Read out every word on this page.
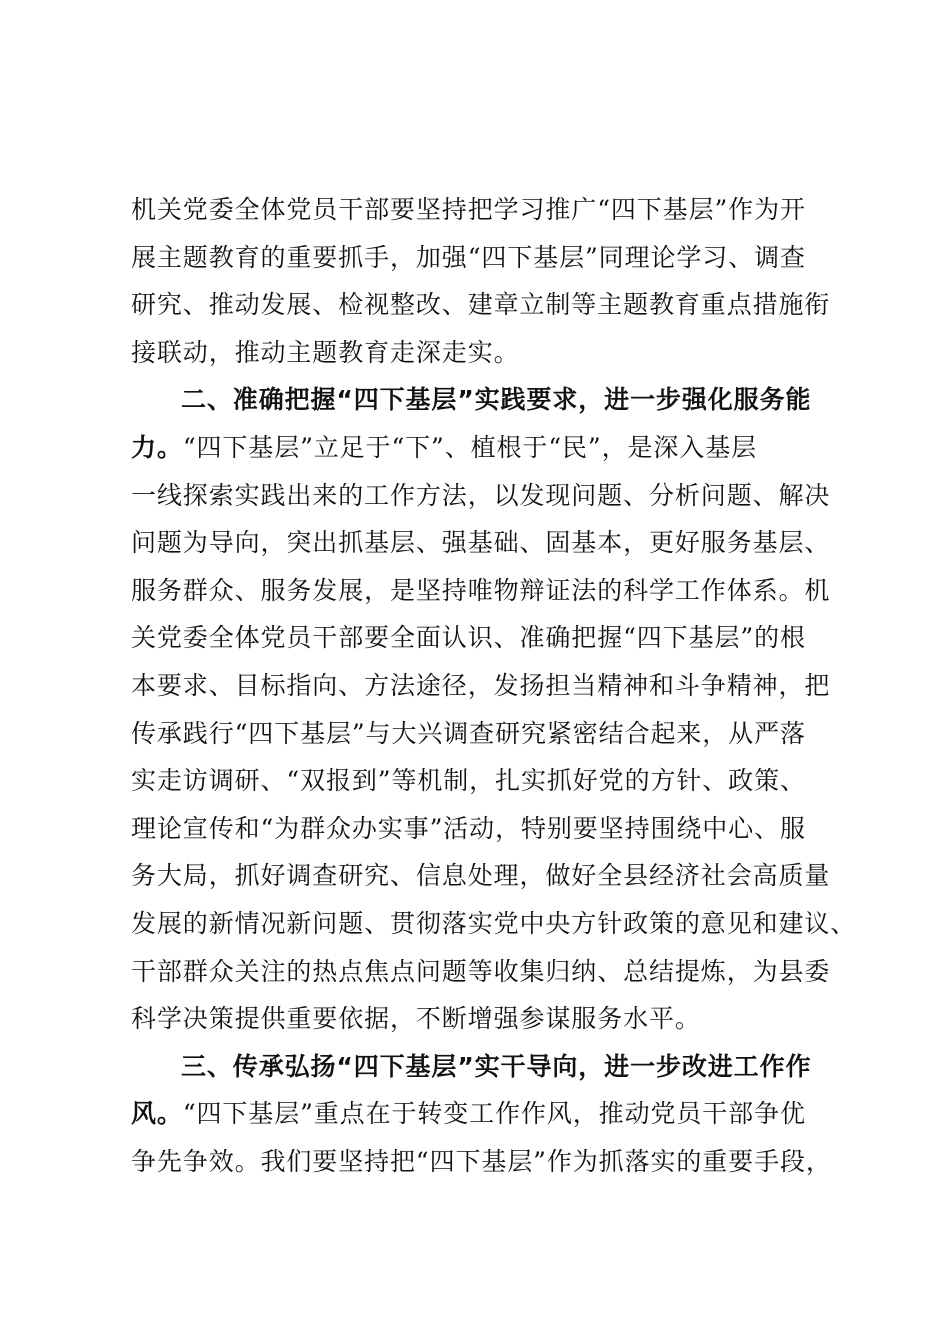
机关党委全体党员干部要坚持把学习推广“四下基层”作为开
展主题教育的重要抓手，加强“四下基层”同理论学习、调查
研究、推动发展、检视整改、建章立制等主题教育重点措施衔
接联动，推动主题教育走深走实。
二、准确把握“四下基层”实践要求，进一步强化服务能
力。“四下基层”立足于“下”、植根于“民”，是深入基层
一线探索实践出来的工作方法，以发现问题、分析问题、解决
问题为导向，突出抓基层、强基础、固基本，更好服务基层、
服务群众、服务发展，是坚持唯物辩证法的科学工作体系。机
关党委全体党员干部要全面认识、准确把握“四下基层”的根
本要求、目标指向、方法途径，发扬担当精神和斗争精神，把
传承践行“四下基层”与大兴调查研究紧密结合起来，从严落
实走访调研、“双报到”等机制，扎实抓好党的方针、政策、
理论宣传和“为群众办实事”活动，特别要坚持围绕中心、服
务大局，抓好调查研究、信息处理，做好全县经济社会高质量
发展的新情况新问题、贯彻落实党中央方针政策的意见和建议、
干部群众关注的热点焦点问题等收集归纳、总结提炼，为县委
科学决策提供重要依据，不断增强参谋服务水平。
三、传承弘扬“四下基层”实干导向，进一步改进工作作
风。“四下基层”重点在于转变工作作风，推动党员干部争优
争先争效。我们要坚持把“四下基层”作为抓落实的重要手段，
